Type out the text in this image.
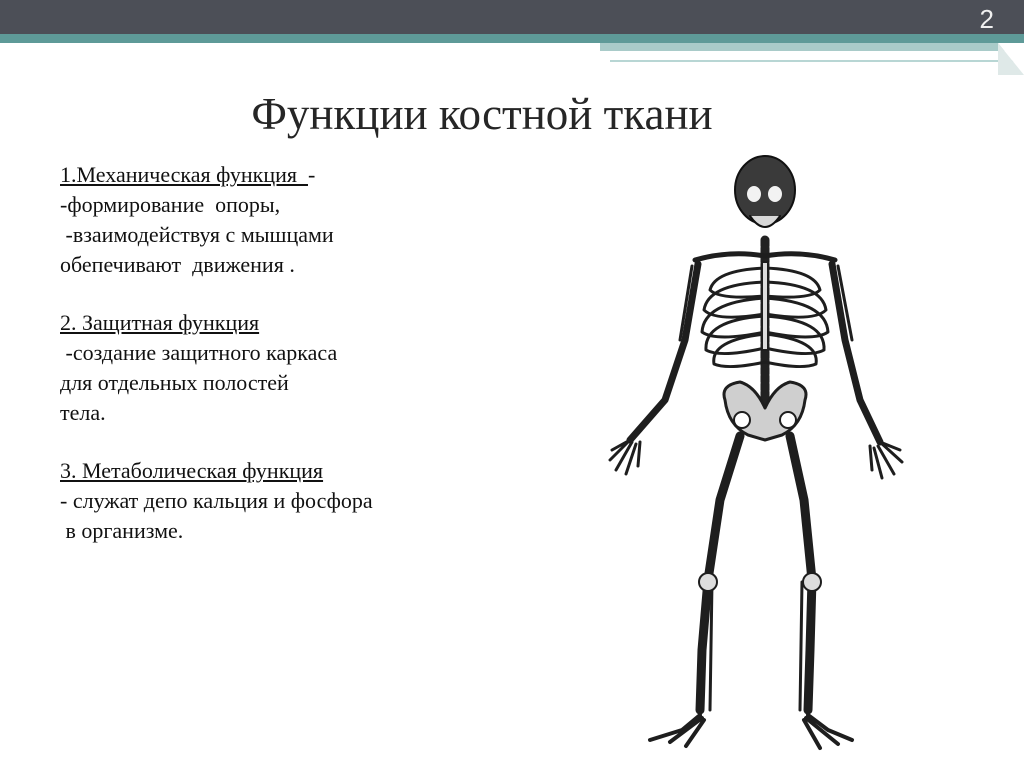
2
Функции костной ткани
1.Механическая функция  -
-формирование  опоры,
-взаимодействуя с мышцами
обепечивают  движения .
2. Защитная функция
-создание защитного каркаса
для отдельных полостей
тела.
3. Метаболическая функция
- служат депо кальция и фосфора
в организме.
